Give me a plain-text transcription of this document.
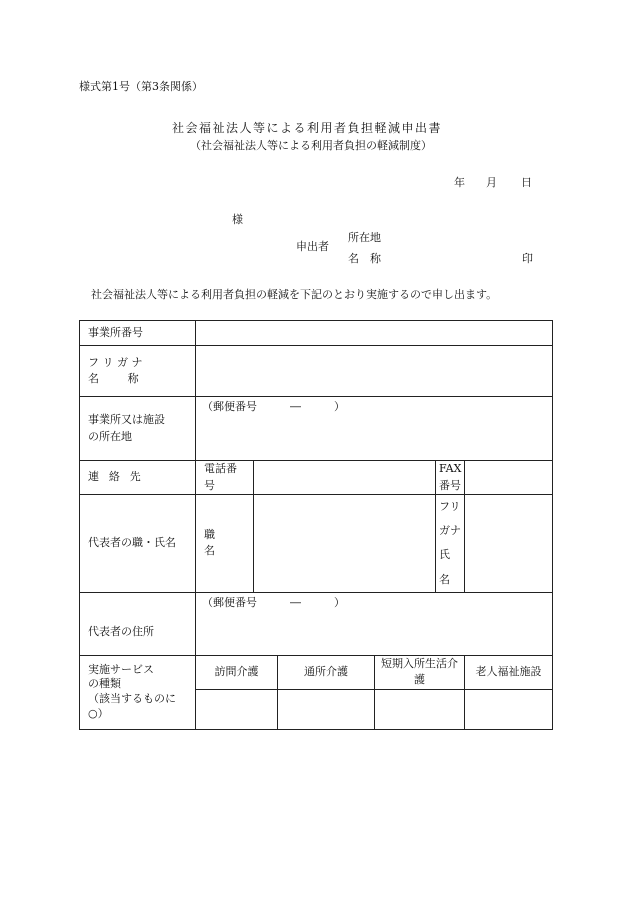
様式第1号（第3条関係）
社会福祉法人等による利用者負担軽減申出書
（社会福祉法人等による利用者負担の軽減制度）
年 月 日
様
申出者
所在地
名　称	印
社会福祉法人等による利用者負担の軽減を下記のとおり実施するので申し出ます。
事業所番号						

フ リ ガ ナ
名称						

事業所又は施設
の所在地	（郵便番号　　　―　　　）					

連絡先	電話番号				FAX番号	
代表者の職・氏名	職名				フリガナ
氏名	

代表者の住所	（郵便番号　　　―　　　）					

実施サービス
の種類
（該当するものに○）	訪問介護		通所介護	短期入所生活介護		老人福祉施設
